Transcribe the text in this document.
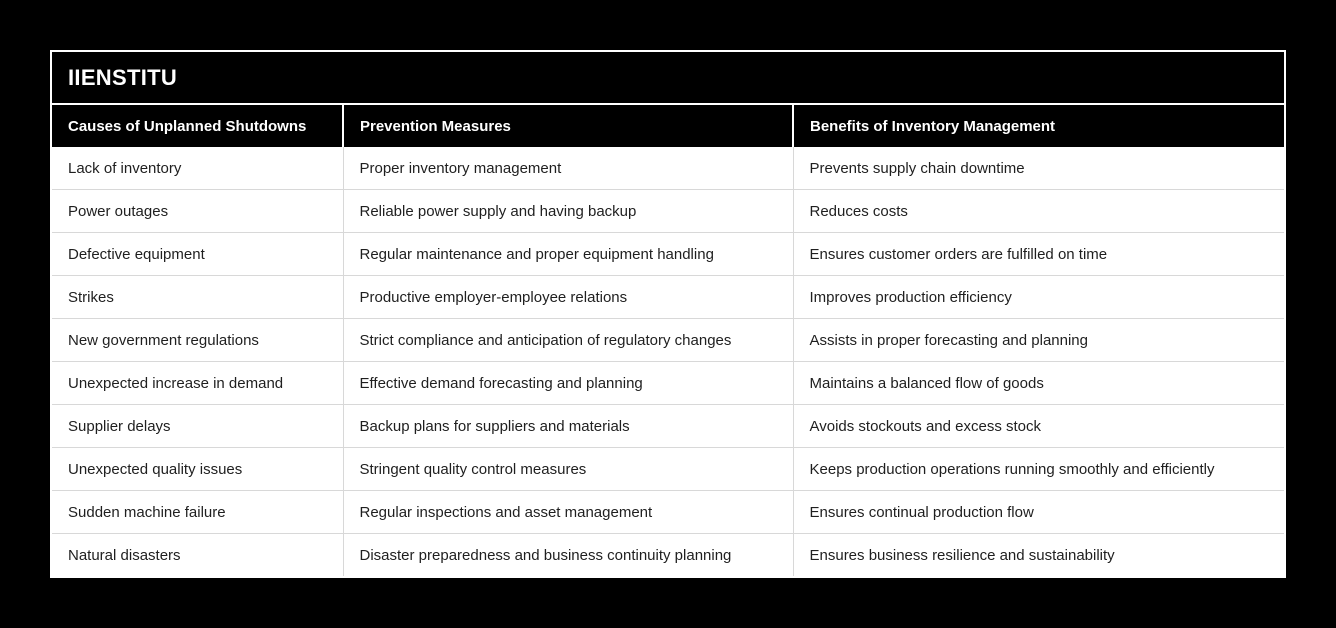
IIENSTITU
Causes of Unplanned Shutdowns	Prevention Measures	Benefits of Inventory Management
Lack of inventory	Proper inventory management	Prevents supply chain downtime
Power outages	Reliable power supply and having backup	Reduces costs
Defective equipment	Regular maintenance and proper equipment handling	Ensures customer orders are fulfilled on time
Strikes	Productive employer-employee relations	Improves production efficiency
New government regulations	Strict compliance and anticipation of regulatory changes	Assists in proper forecasting and planning
Unexpected increase in demand	Effective demand forecasting and planning	Maintains a balanced flow of goods
Supplier delays	Backup plans for suppliers and materials	Avoids stockouts and excess stock
Unexpected quality issues	Stringent quality control measures	Keeps production operations running smoothly and efficiently
Sudden machine failure	Regular inspections and asset management	Ensures continual production flow
Natural disasters	Disaster preparedness and business continuity planning	Ensures business resilience and sustainability
